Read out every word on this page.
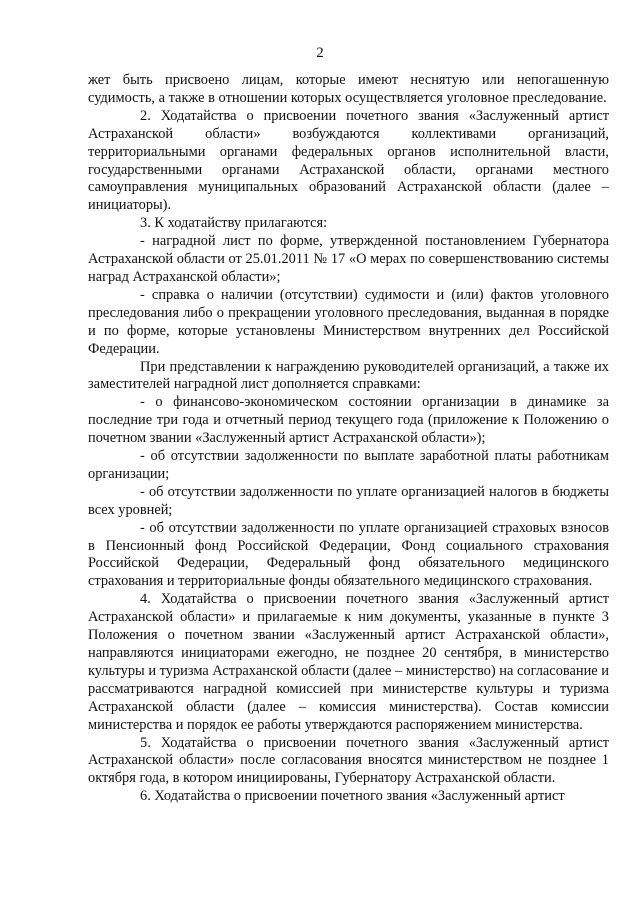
2

жет быть присвоено лицам, которые имеют неснятую или непогашенную судимость, а также в отношении которых осуществляется уголовное преследование.

2. Ходатайства о присвоении почетного звания «Заслуженный артист Астраханской области» возбуждаются коллективами организаций, территориальными органами федеральных органов исполнительной власти, государственными органами Астраханской области, органами местного самоуправления муниципальных образований Астраханской области (далее – инициаторы).

3. К ходатайству прилагаются:

- наградной лист по форме, утвержденной постановлением Губернатора Астраханской области от 25.01.2011 № 17 «О мерах по совершенствованию системы наград Астраханской области»;

- справка о наличии (отсутствии) судимости и (или) фактов уголовного преследования либо о прекращении уголовного преследования, выданная в порядке и по форме, которые установлены Министерством внутренних дел Российской Федерации.

При представлении к награждению руководителей организаций, а также их заместителей наградной лист дополняется справками:

- о финансово-экономическом состоянии организации в динамике за последние три года и отчетный период текущего года (приложение к Положению о почетном звании «Заслуженный артист Астраханской области»);

- об отсутствии задолженности по выплате заработной платы работникам организации;

- об отсутствии задолженности по уплате организацией налогов в бюджеты всех уровней;

- об отсутствии задолженности по уплате организацией страховых взносов в Пенсионный фонд Российской Федерации, Фонд социального страхования Российской Федерации, Федеральный фонд обязательного медицинского страхования и территориальные фонды обязательного медицинского страхования.

4. Ходатайства о присвоении почетного звания «Заслуженный артист Астраханской области» и прилагаемые к ним документы, указанные в пункте 3 Положения о почетном звании «Заслуженный артист Астраханской области», направляются инициаторами ежегодно, не позднее 20 сентября, в министерство культуры и туризма Астраханской области (далее – министерство) на согласование и рассматриваются наградной комиссией при министерстве культуры и туризма Астраханской области (далее – комиссия министерства). Состав комиссии министерства и порядок ее работы утверждаются распоряжением министерства.

5. Ходатайства о присвоении почетного звания «Заслуженный артист Астраханской области» после согласования вносятся министерством не позднее 1 октября года, в котором инициированы, Губернатору Астраханской области.

6. Ходатайства о присвоении почетного звания «Заслуженный артист
